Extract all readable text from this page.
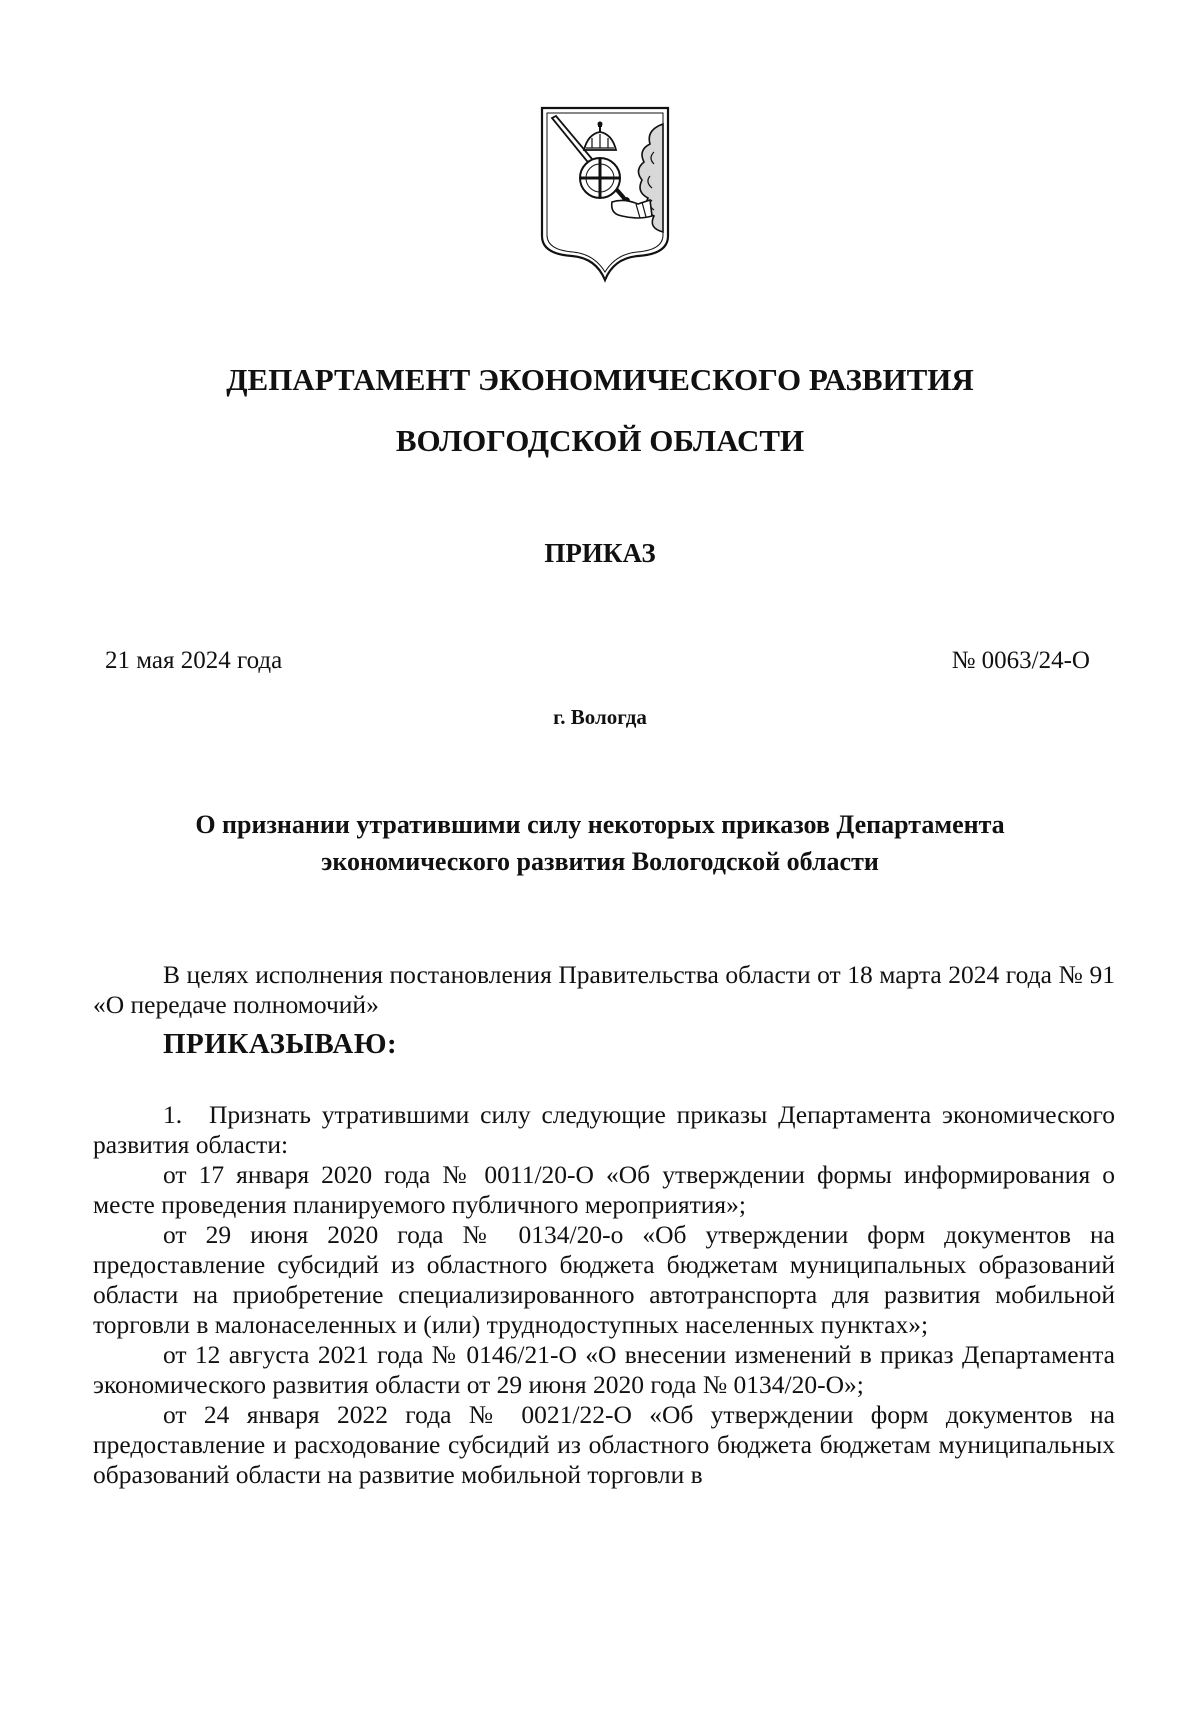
ДЕПАРТАМЕНТ ЭКОНОМИЧЕСКОГО РАЗВИТИЯ
ВОЛОГОДСКОЙ ОБЛАСТИ
ПРИКАЗ
21 мая 2024 года	№ 0063/24-О
г. Вологда
О признании утратившими силу некоторых приказов Департамента
экономического развития Вологодской области

В целях исполнения постановления Правительства области от 18 марта 2024 года № 91 «О передаче полномочий»

ПРИКАЗЫВАЮ:

1. Признать утратившими силу следующие приказы Департамента экономического развития области:

от 17 января 2020 года № 0011/20-О «Об утверждении формы информирования о месте проведения планируемого публичного мероприятия»;

от 29 июня 2020 года № 0134/20-о «Об утверждении форм документов на предоставление субсидий из областного бюджета бюджетам муниципальных образований области на приобретение специализированного автотранспорта для развития мобильной торговли в малонаселенных и (или) труднодоступных населенных пунктах»;

от 12 августа 2021 года № 0146/21-О «О внесении изменений в приказ Департамента экономического развития области от 29 июня 2020 года № 0134/20-О»;

от 24 января 2022 года № 0021/22-О «Об утверждении форм документов на предоставление и расходование субсидий из областного бюджета бюджетам муниципальных образований области на развитие мобильной торговли в
